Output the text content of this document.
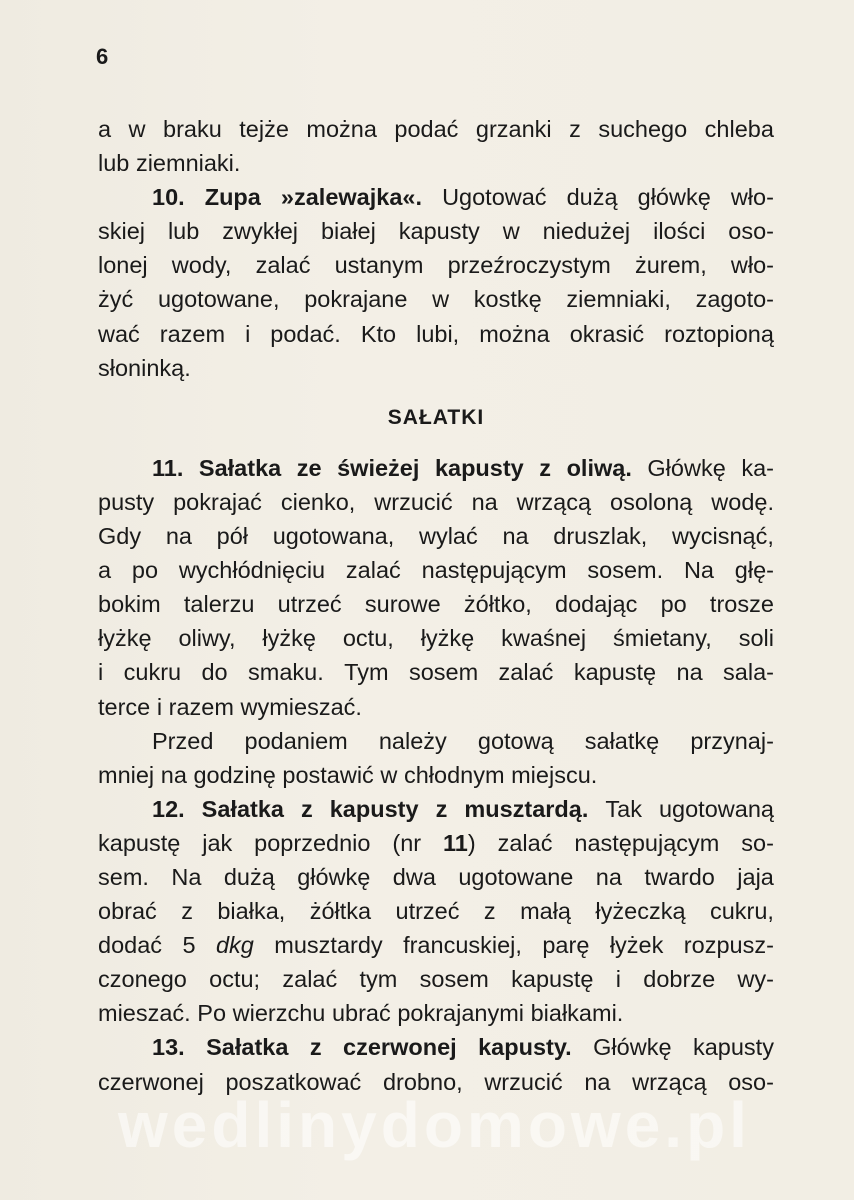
6
a w braku tejże można podać grzanki z suchego chleba
lub ziemniaki.
10. Zupa »zalewajka«. Ugotować dużą główkę wło-
skiej lub zwykłej białej kapusty w niedużej ilości oso-
lonej wody, zalać ustanym przeźroczystym żurem, wło-
żyć ugotowane, pokrajane w kostkę ziemniaki, zagoto-
wać razem i podać. Kto lubi, można okrasić roztopioną
słoninką.
SAŁATKI
11. Sałatka ze świeżej kapusty z oliwą. Główkę ka-
pusty pokrajać cienko, wrzucić na wrzącą osoloną wodę.
Gdy na pół ugotowana, wylać na druszlak, wycisnąć,
a po wychłódnięciu zalać następującym sosem. Na głę-
bokim talerzu utrzeć surowe żółtko, dodając po trosze
łyżkę oliwy, łyżkę octu, łyżkę kwaśnej śmietany, soli
i cukru do smaku. Tym sosem zalać kapustę na sala-
terce i razem wymieszać.
Przed podaniem należy gotową sałatkę przynaj-
mniej na godzinę postawić w chłodnym miejscu.
12. Sałatka z kapusty z musztardą. Tak ugotowaną
kapustę jak poprzednio (nr 11) zalać następującym so-
sem. Na dużą główkę dwa ugotowane na twardo jaja
obrać z białka, żółtka utrzeć z małą łyżeczką cukru,
dodać 5 dkg musztardy francuskiej, parę łyżek rozpusz-
czonego octu; zalać tym sosem kapustę i dobrze wy-
mieszać. Po wierzchu ubrać pokrajanymi białkami.
13. Sałatka z czerwonej kapusty. Główkę kapusty
czerwonej poszatkować drobno, wrzucić na wrzącą oso-
wedlinydomowe.pl
